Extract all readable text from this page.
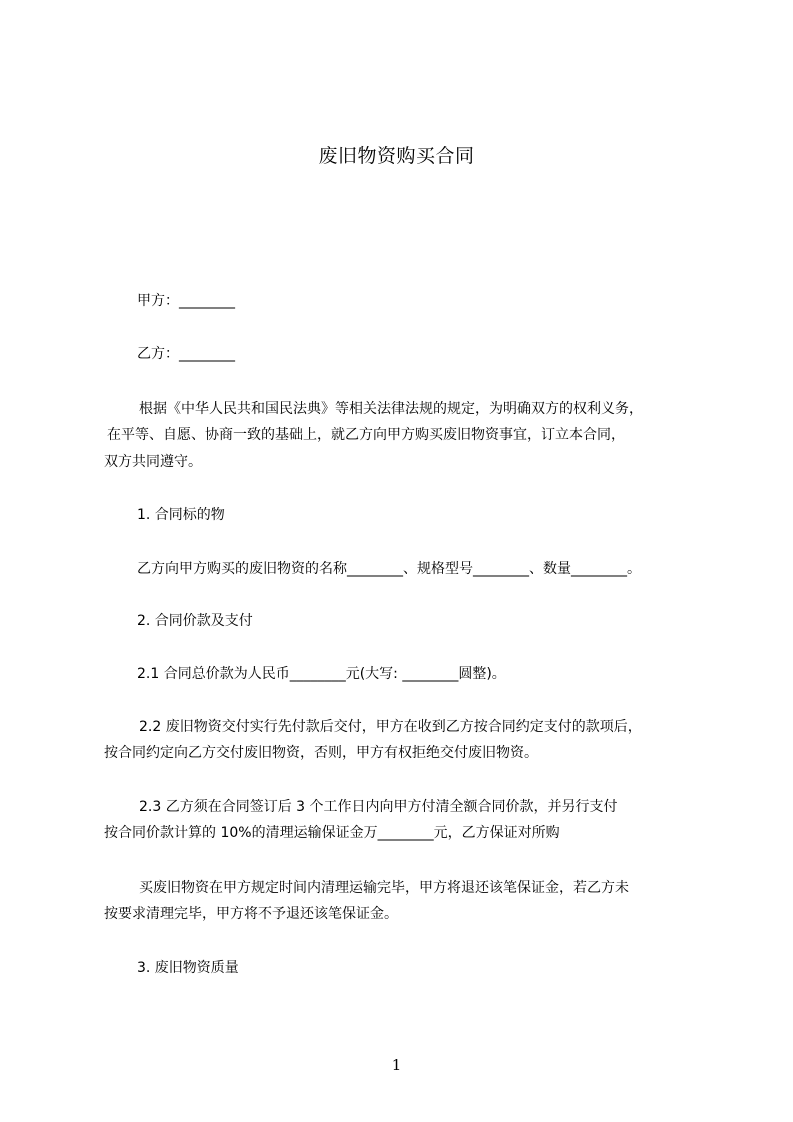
废旧物资购买合同
甲方：________
乙方：________
根据《中华人民共和国民法典》等相关法律法规的规定，为明确双方的权利义务，
在平等、自愿、协商一致的基础上，就乙方向甲方购买废旧物资事宜，订立本合同，
双方共同遵守。
1. 合同标的物
乙方向甲方购买的废旧物资的名称________、规格型号________、数量________。
2. 合同价款及支付
2.1 合同总价款为人民币________元(大写: ________圆整)。
2.2 废旧物资交付实行先付款后交付，甲方在收到乙方按合同约定支付的款项后，
按合同约定向乙方交付废旧物资，否则，甲方有权拒绝交付废旧物资。
2.3 乙方须在合同签订后 3 个工作日内向甲方付清全额合同价款，并另行支付
按合同价款计算的 10%的清理运输保证金万________元，乙方保证对所购
买废旧物资在甲方规定时间内清理运输完毕，甲方将退还该笔保证金，若乙方未
按要求清理完毕，甲方将不予退还该笔保证金。
3. 废旧物资质量
1
